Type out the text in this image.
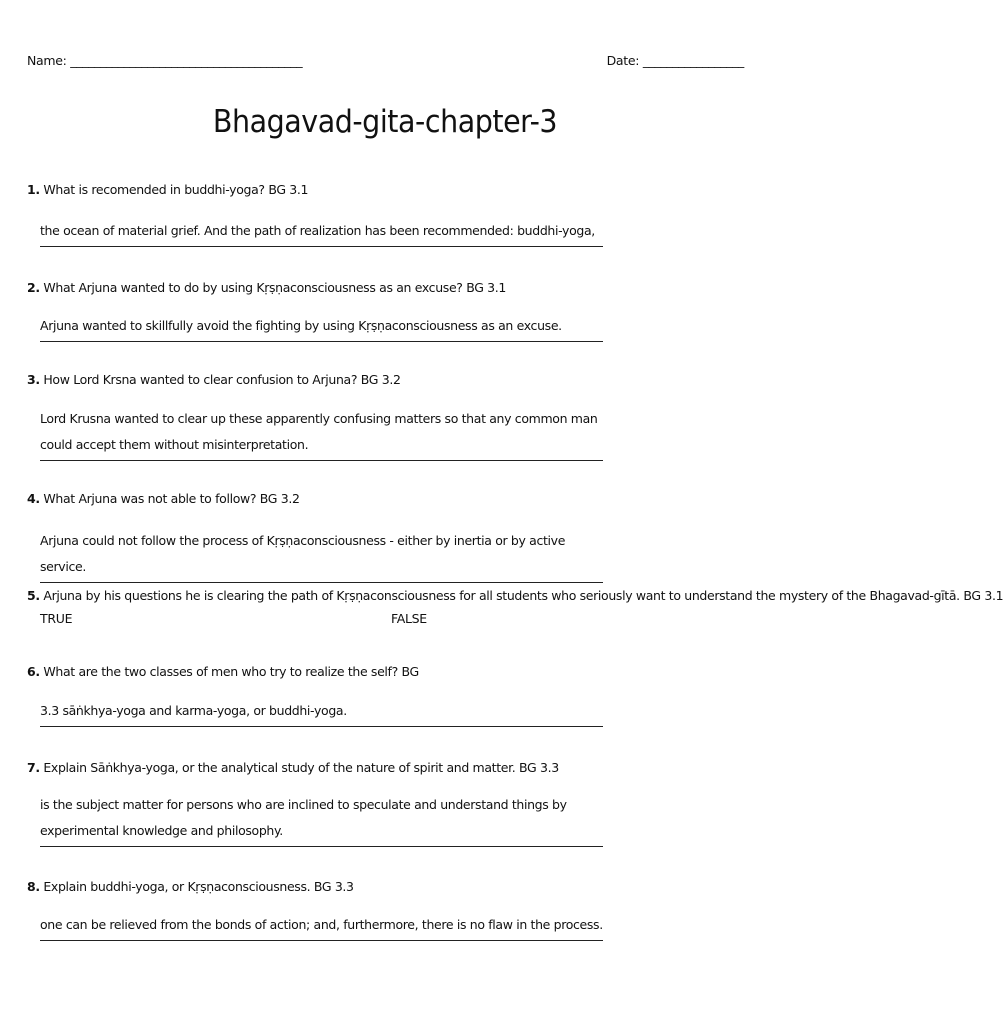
Name: _______________________________________	Date: _________________
Bhagavad-gita-chapter-3
1. What is recomended in buddhi-yoga? BG 3.1
the ocean of material grief. And the path of realization has been recommended: buddhi-yoga,
2. What Arjuna wanted to do by using Kṛṣṇaconsciousness as an excuse? BG 3.1
Arjuna wanted to skillfully avoid the fighting by using Kṛṣṇaconsciousness as an excuse.
3. How Lord Krsna wanted to clear confusion to Arjuna? BG 3.2
Lord Krusna wanted to clear up these apparently confusing matters so that any common man could accept them without misinterpretation.
4. What Arjuna was not able to follow? BG 3.2
Arjuna could not follow the process of Kṛṣṇaconsciousness - either by inertia or by active service.
5. Arjuna by his questions he is clearing the path of Kṛṣṇaconsciousness for all students who seriously want to understand the mystery of the Bhagavad-gītā. BG 3.1
TRUE	FALSE
6. What are the two classes of men who try to realize the self? BG
3.3 sāṅkhya-yoga and karma-yoga, or buddhi-yoga.
7. Explain Sāṅkhya-yoga, or the analytical study of the nature of spirit and matter. BG 3.3
is the subject matter for persons who are inclined to speculate and understand things by experimental knowledge and philosophy.
8. Explain buddhi-yoga, or Kṛṣṇaconsciousness. BG 3.3
one can be relieved from the bonds of action; and, furthermore, there is no flaw in the process.
